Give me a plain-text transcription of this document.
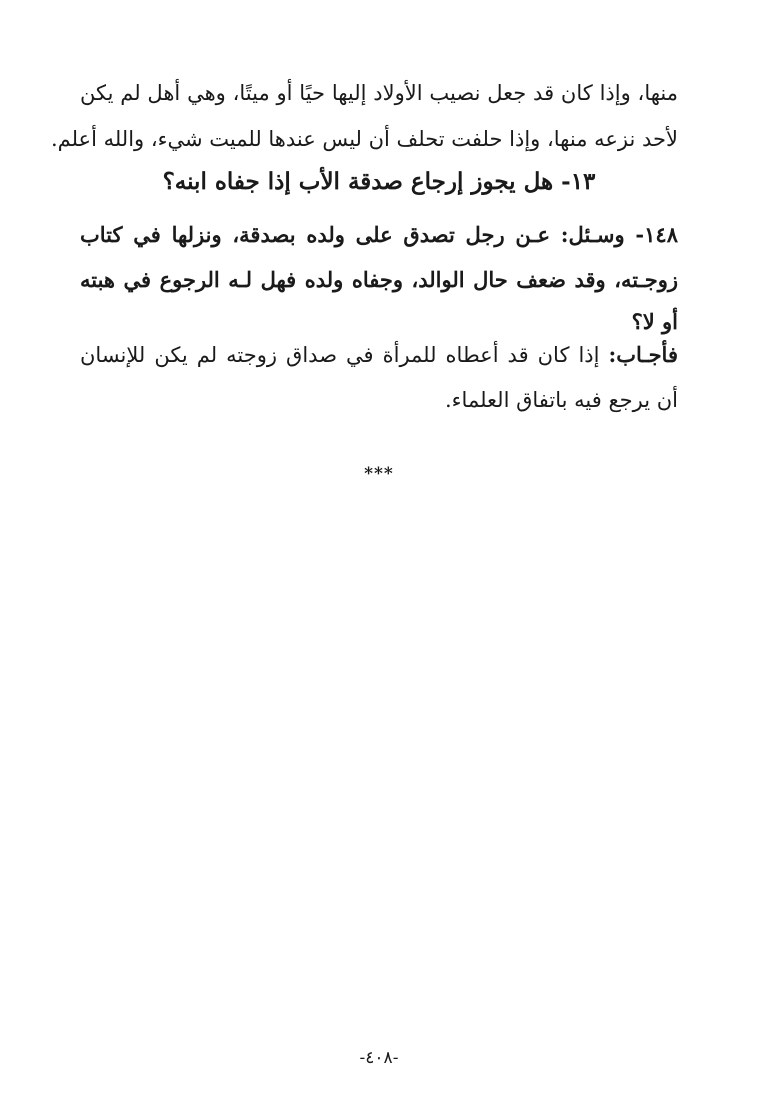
منها، وإذا كان قد جعل نصيب الأولاد إليها حيًا أو ميتًا، وهي أهل لم يكن
لأحد نزعه منها، وإذا حلفت تحلف أن ليس عندها للميت شيء، والله أعلم.
١٣- هل يجوز إرجاع صدقة الأب إذا جفاه ابنه؟
١٤٨- وسـئل: عـن رجل تصدق على ولده بصدقة، ونزلها في كتاب
زوجـته، وقد ضعف حال الوالد، وجفاه ولده فهل لـه الرجوع في هبته
أو لا؟
فأجـاب: إذا كان قد أعطاه للمرأة في صداق زوجته لم يكن للإنسان
أن يرجع فيه باتفاق العلماء.
***
-٤٠٨-
